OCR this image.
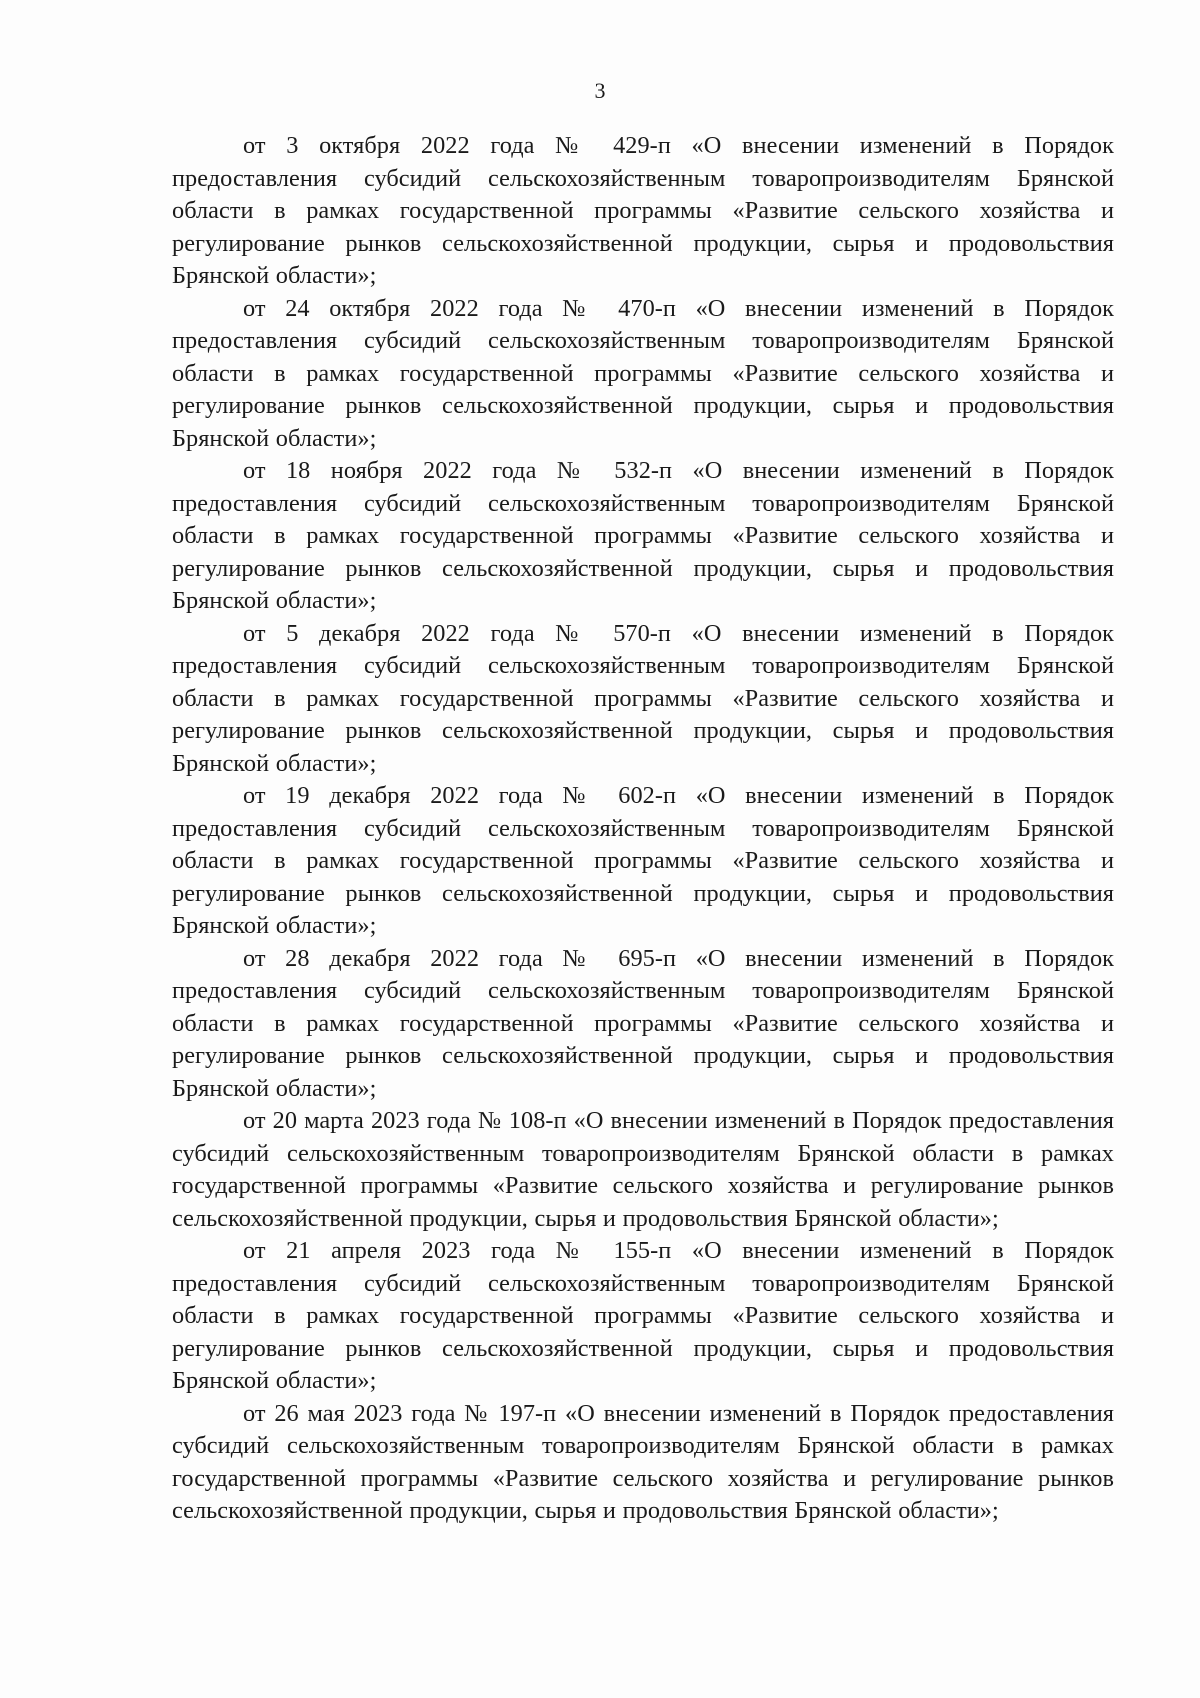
3

от 3 октября 2022 года № 429-п «О внесении изменений в Порядок предоставления субсидий сельскохозяйственным товаропроизводителям Брянской области в рамках государственной программы «Развитие сельского хозяйства и регулирование рынков сельскохозяйственной продукции, сырья и продовольствия Брянской области»;

от 24 октября 2022 года № 470-п «О внесении изменений в Порядок предоставления субсидий сельскохозяйственным товаропроизводителям Брянской области в рамках государственной программы «Развитие сельского хозяйства и регулирование рынков сельскохозяйственной продукции, сырья и продовольствия Брянской области»;

от 18 ноября 2022 года № 532-п «О внесении изменений в Порядок предоставления субсидий сельскохозяйственным товаропроизводителям Брянской области в рамках государственной программы «Развитие сельского хозяйства и регулирование рынков сельскохозяйственной продукции, сырья и продовольствия Брянской области»;

от 5 декабря 2022 года № 570-п «О внесении изменений в Порядок предоставления субсидий сельскохозяйственным товаропроизводителям Брянской области в рамках государственной программы «Развитие сельского хозяйства и регулирование рынков сельскохозяйственной продукции, сырья и продовольствия Брянской области»;

от 19 декабря 2022 года № 602-п «О внесении изменений в Порядок предоставления субсидий сельскохозяйственным товаропроизводителям Брянской области в рамках государственной программы «Развитие сельского хозяйства и регулирование рынков сельскохозяйственной продукции, сырья и продовольствия Брянской области»;

от 28 декабря 2022 года № 695-п «О внесении изменений в Порядок предоставления субсидий сельскохозяйственным товаропроизводителям Брянской области в рамках государственной программы «Развитие сельского хозяйства и регулирование рынков сельскохозяйственной продукции, сырья и продовольствия Брянской области»;

от 20 марта 2023 года № 108-п «О внесении изменений в Порядок предоставления субсидий сельскохозяйственным товаропроизводителям Брянской области в рамках государственной программы «Развитие сельского хозяйства и регулирование рынков сельскохозяйственной продукции, сырья и продовольствия Брянской области»;

от 21 апреля 2023 года № 155-п «О внесении изменений в Порядок предоставления субсидий сельскохозяйственным товаропроизводителям Брянской области в рамках государственной программы «Развитие сельского хозяйства и регулирование рынков сельскохозяйственной продукции, сырья и продовольствия Брянской области»;

от 26 мая 2023 года № 197-п «О внесении изменений в Порядок предоставления субсидий сельскохозяйственным товаропроизводителям Брянской области в рамках государственной программы «Развитие сельского хозяйства и регулирование рынков сельскохозяйственной продукции, сырья и продовольствия Брянской области»;
